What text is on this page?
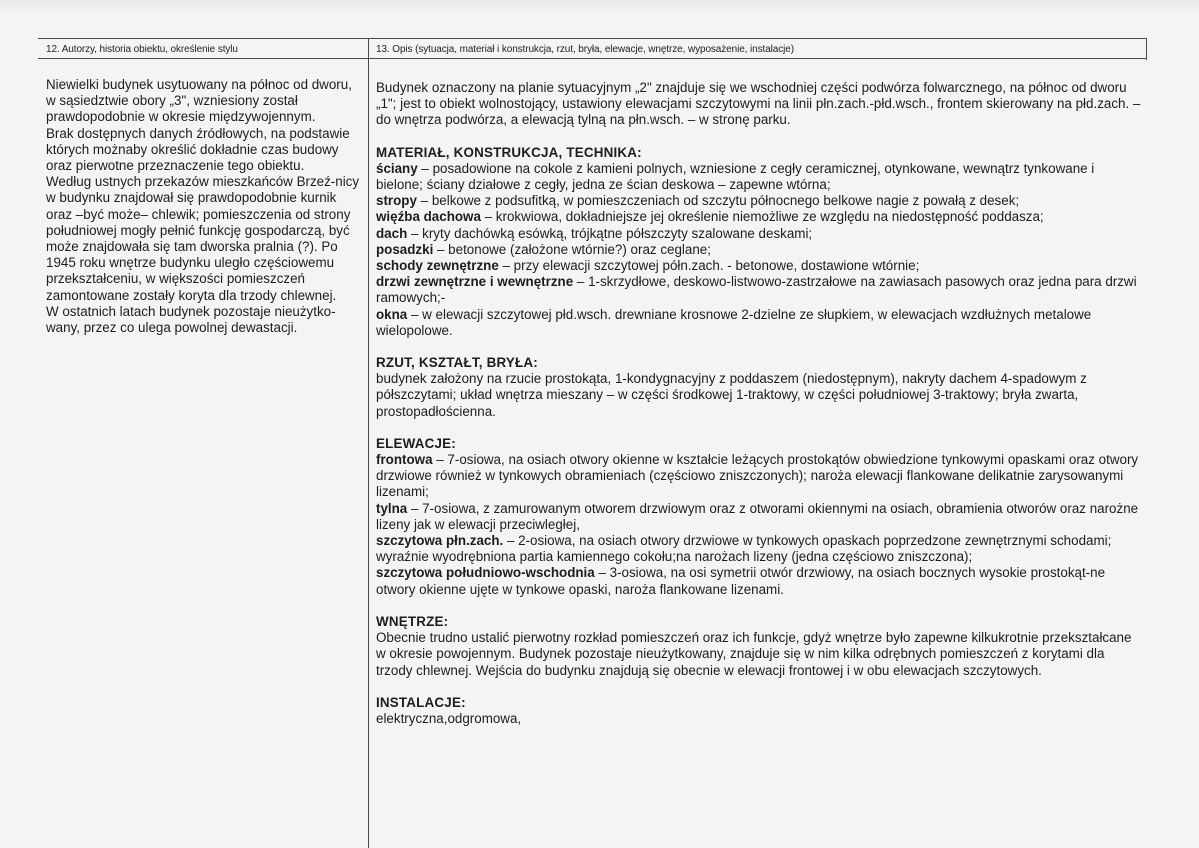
12. Autorzy, historia obiektu, określenie stylu	13. Opis (sytuacja, materiał i konstrukcja, rzut, bryła, elewacje, wnętrze, wyposażenie, instalacje)

Niewielki budynek usytuowany na północ od dworu, w sąsiedztwie obory „3", wzniesiony został prawdopodobnie w okresie międzywojennym.

Brak dostępnych danych źródłowych, na podstawie których możnaby określić dokładnie czas budowy oraz pierwotne przeznaczenie tego obiektu.

Według ustnych przekazów mieszkańców Brzeź-nicy w budynku znajdował się prawdopodobnie kurnik oraz –być może– chlewik; pomieszczenia od strony południowej mogły pełnić funkcję gospodarczą, być może znajdowała się tam dworska pralnia (?). Po 1945 roku wnętrze budynku uległo częściowemu przekształceniu, w większości pomieszczeń zamontowane zostały koryta dla trzody chlewnej.

W ostatnich latach budynek pozostaje nieużytko-wany, przez co ulega powolnej dewastacji.

Budynek oznaczony na planie sytuacyjnym „2" znajduje się we wschodniej części podwórza folwarcznego, na północ od dworu „1"; jest to obiekt wolnostojący, ustawiony elewacjami szczytowymi na linii płn.zach.-płd.wsch., frontem skierowany na płd.zach. – do wnętrza podwórza, a elewacją tylną na płn.wsch. – w stronę parku.

MATERIAŁ, KONSTRUKCJA, TECHNIKA:

ściany – posadowione na cokole z kamieni polnych, wzniesione z cegły ceramicznej, otynkowane, wewnątrz tynkowane i bielone; ściany działowe z cegły, jedna ze ścian deskowa – zapewne wtórna;

stropy – belkowe z podsufitką, w pomieszczeniach od szczytu północnego belkowe nagie z powałą z desek;

więźba dachowa – krokwiowa, dokładniejsze jej określenie niemożliwe ze względu na niedostępność poddasza;

dach – kryty dachówką esówką, trójkątne półszczyty szalowane deskami;

posadzki – betonowe (założone wtórnie?) oraz ceglane;

schody zewnętrzne – przy elewacji szczytowej półn.zach. - betonowe, dostawione wtórnie;

drzwi zewnętrzne i wewnętrzne – 1-skrzydłowe, deskowo-listwowo-zastrzałowe na zawiasach pasowych oraz jedna para drzwi ramowych;-

okna – w elewacji szczytowej płd.wsch. drewniane krosnowe 2-dzielne ze słupkiem, w elewacjach wzdłużnych metalowe wielopolowe.

RZUT, KSZTAŁT, BRYŁA:

budynek założony na rzucie prostokąta, 1-kondygnacyjny z poddaszem (niedostępnym), nakryty dachem 4-spadowym z półszczytami; układ wnętrza mieszany – w części środkowej 1-traktowy, w części południowej 3-traktowy; bryła zwarta, prostopadłościenna.

ELEWACJE:

frontowa – 7-osiowa, na osiach otwory okienne w kształcie leżących prostokątów obwiedzione tynkowymi opaskami oraz otwory drzwiowe również w tynkowych obramieniach (częściowo zniszczonych); naroża elewacji flankowane delikatnie zarysowanymi lizenami;

tylna – 7-osiowa, z zamurowanym otworem drzwiowym oraz z otworami okiennymi na osiach, obramienia otworów oraz narożne lizeny jak w elewacji przeciwległej,

szczytowa płn.zach. – 2-osiowa, na osiach otwory drzwiowe w tynkowych opaskach poprzedzone zewnętrznymi schodami; wyraźnie wyodrębniona partia kamiennego cokołu;na narożach lizeny (jedna częściowo zniszczona);

szczytowa południowo-wschodnia – 3-osiowa, na osi symetrii otwór drzwiowy, na osiach bocznych wysokie prostokąt-ne otwory okienne ujęte w tynkowe opaski, naroża flankowane lizenami.

WNĘTRZE:

Obecnie trudno ustalić pierwotny rozkład pomieszczeń oraz ich funkcje, gdyż wnętrze było zapewne kilkukrotnie przekształcane w okresie powojennym. Budynek pozostaje nieużytkowany, znajduje się w nim kilka odrębnych pomieszczeń z korytami dla trzody chlewnej. Wejścia do budynku znajdują się obecnie w elewacji frontowej i w obu elewacjach szczytowych.

INSTALACJE:

elektryczna,odgromowa,
